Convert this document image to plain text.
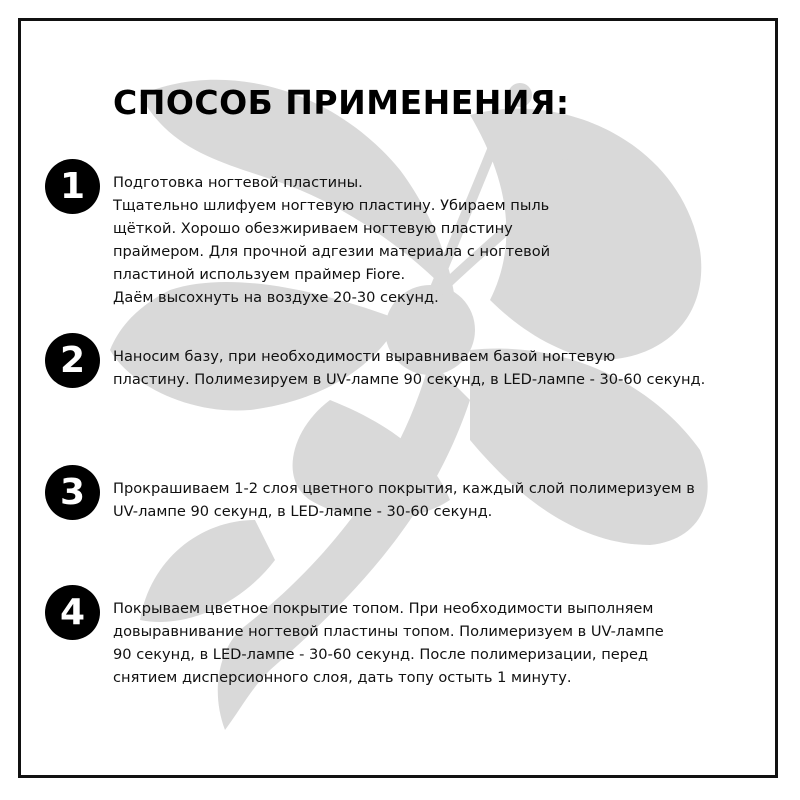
СПОСОБ ПРИМЕНЕНИЯ:
1	Подготовка ногтевой пластины.
Тщательно шлифуем ногтевую пластину. Убираем пыль
щёткой. Хорошо обезжириваем ногтевую пластину
праймером. Для прочной адгезии материала с ногтевой
пластиной используем праймер Fiore.
Даём высохнуть на воздухе 20-30 секунд.

2	Наносим базу, при необходимости выравниваем базой ногтевую
пластину. Полимезируем в UV-лампе 90 секунд, в LED-лампе - 30-60 секунд.

3	Прокрашиваем 1-2 слоя цветного покрытия, каждый слой полимеризуем в
UV-лампе 90 секунд, в LED-лампе - 30-60 секунд.

4	Покрываем цветное покрытие топом. При необходимости выполняем
довыравнивание ногтевой пластины топом. Полимеризуем в UV-лампе
90 секунд, в LED-лампе - 30-60 секунд. После полимеризации, перед
снятием дисперсионного слоя, дать топу остыть 1 минуту.
